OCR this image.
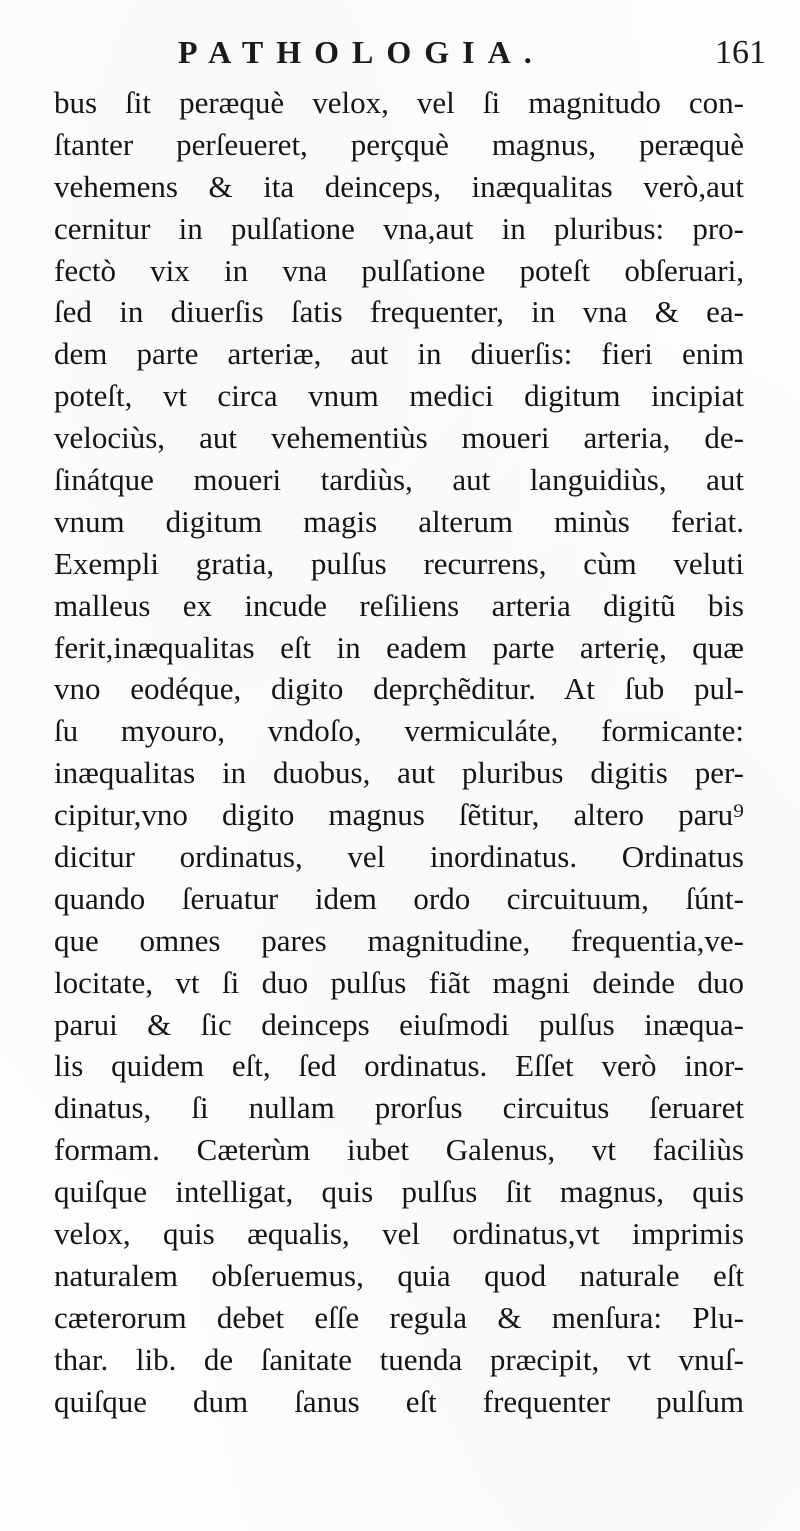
PATHOLOGIA.	161
bus ſit peræquè velox, vel ſi magnitudo con-
ſtanter perſeueret, perçquè magnus, peræquè
vehemens & ita deinceps, inæqualitas verò,aut
cernitur in pulſatione vna,aut in pluribus: pro-
fectò vix in vna pulſatione poteſt obſeruari,
ſed in diuerſis ſatis frequenter, in vna & ea-
dem parte arteriæ, aut in diuerſis: fieri enim
poteſt, vt circa vnum medici digitum incipiat
velociùs, aut vehementiùs moueri arteria, de-
ſinátque moueri tardiùs, aut languidiùs, aut
vnum digitum magis alterum minùs feriat.
Exempli gratia, pulſus recurrens, cùm veluti
malleus ex incude reſiliens arteria digitũ bis
ferit,inæqualitas eſt in eadem parte arterię, quæ
vno eodéque, digito deprçhẽditur. At ſub pul-
ſu myouro, vndoſo, vermiculáte, formicante:
inæqualitas in duobus, aut pluribus digitis per-
cipitur,vno digito magnus ſẽtitur, altero paru⁹
dicitur ordinatus, vel inordinatus. Ordinatus
quando ſeruatur idem ordo circuituum, ſúnt-
que omnes pares magnitudine, frequentia,ve-
locitate, vt ſi duo pulſus fiãt magni deinde duo
parui & ſic deinceps eiuſmodi pulſus inæqua-
lis quidem eſt, ſed ordinatus. Eſſet verò inor-
dinatus, ſi nullam prorſus circuitus ſeruaret
formam. Cæterùm iubet Galenus, vt faciliùs
quiſque intelligat, quis pulſus ſit magnus, quis
velox, quis æqualis, vel ordinatus,vt imprimis
naturalem obſeruemus, quia quod naturale eſt
cæterorum debet eſſe regula & menſura: Plu-
thar. lib. de ſanitate tuenda præcipit, vt vnuſ-
quiſque dum ſanus eſt frequenter pulſum
